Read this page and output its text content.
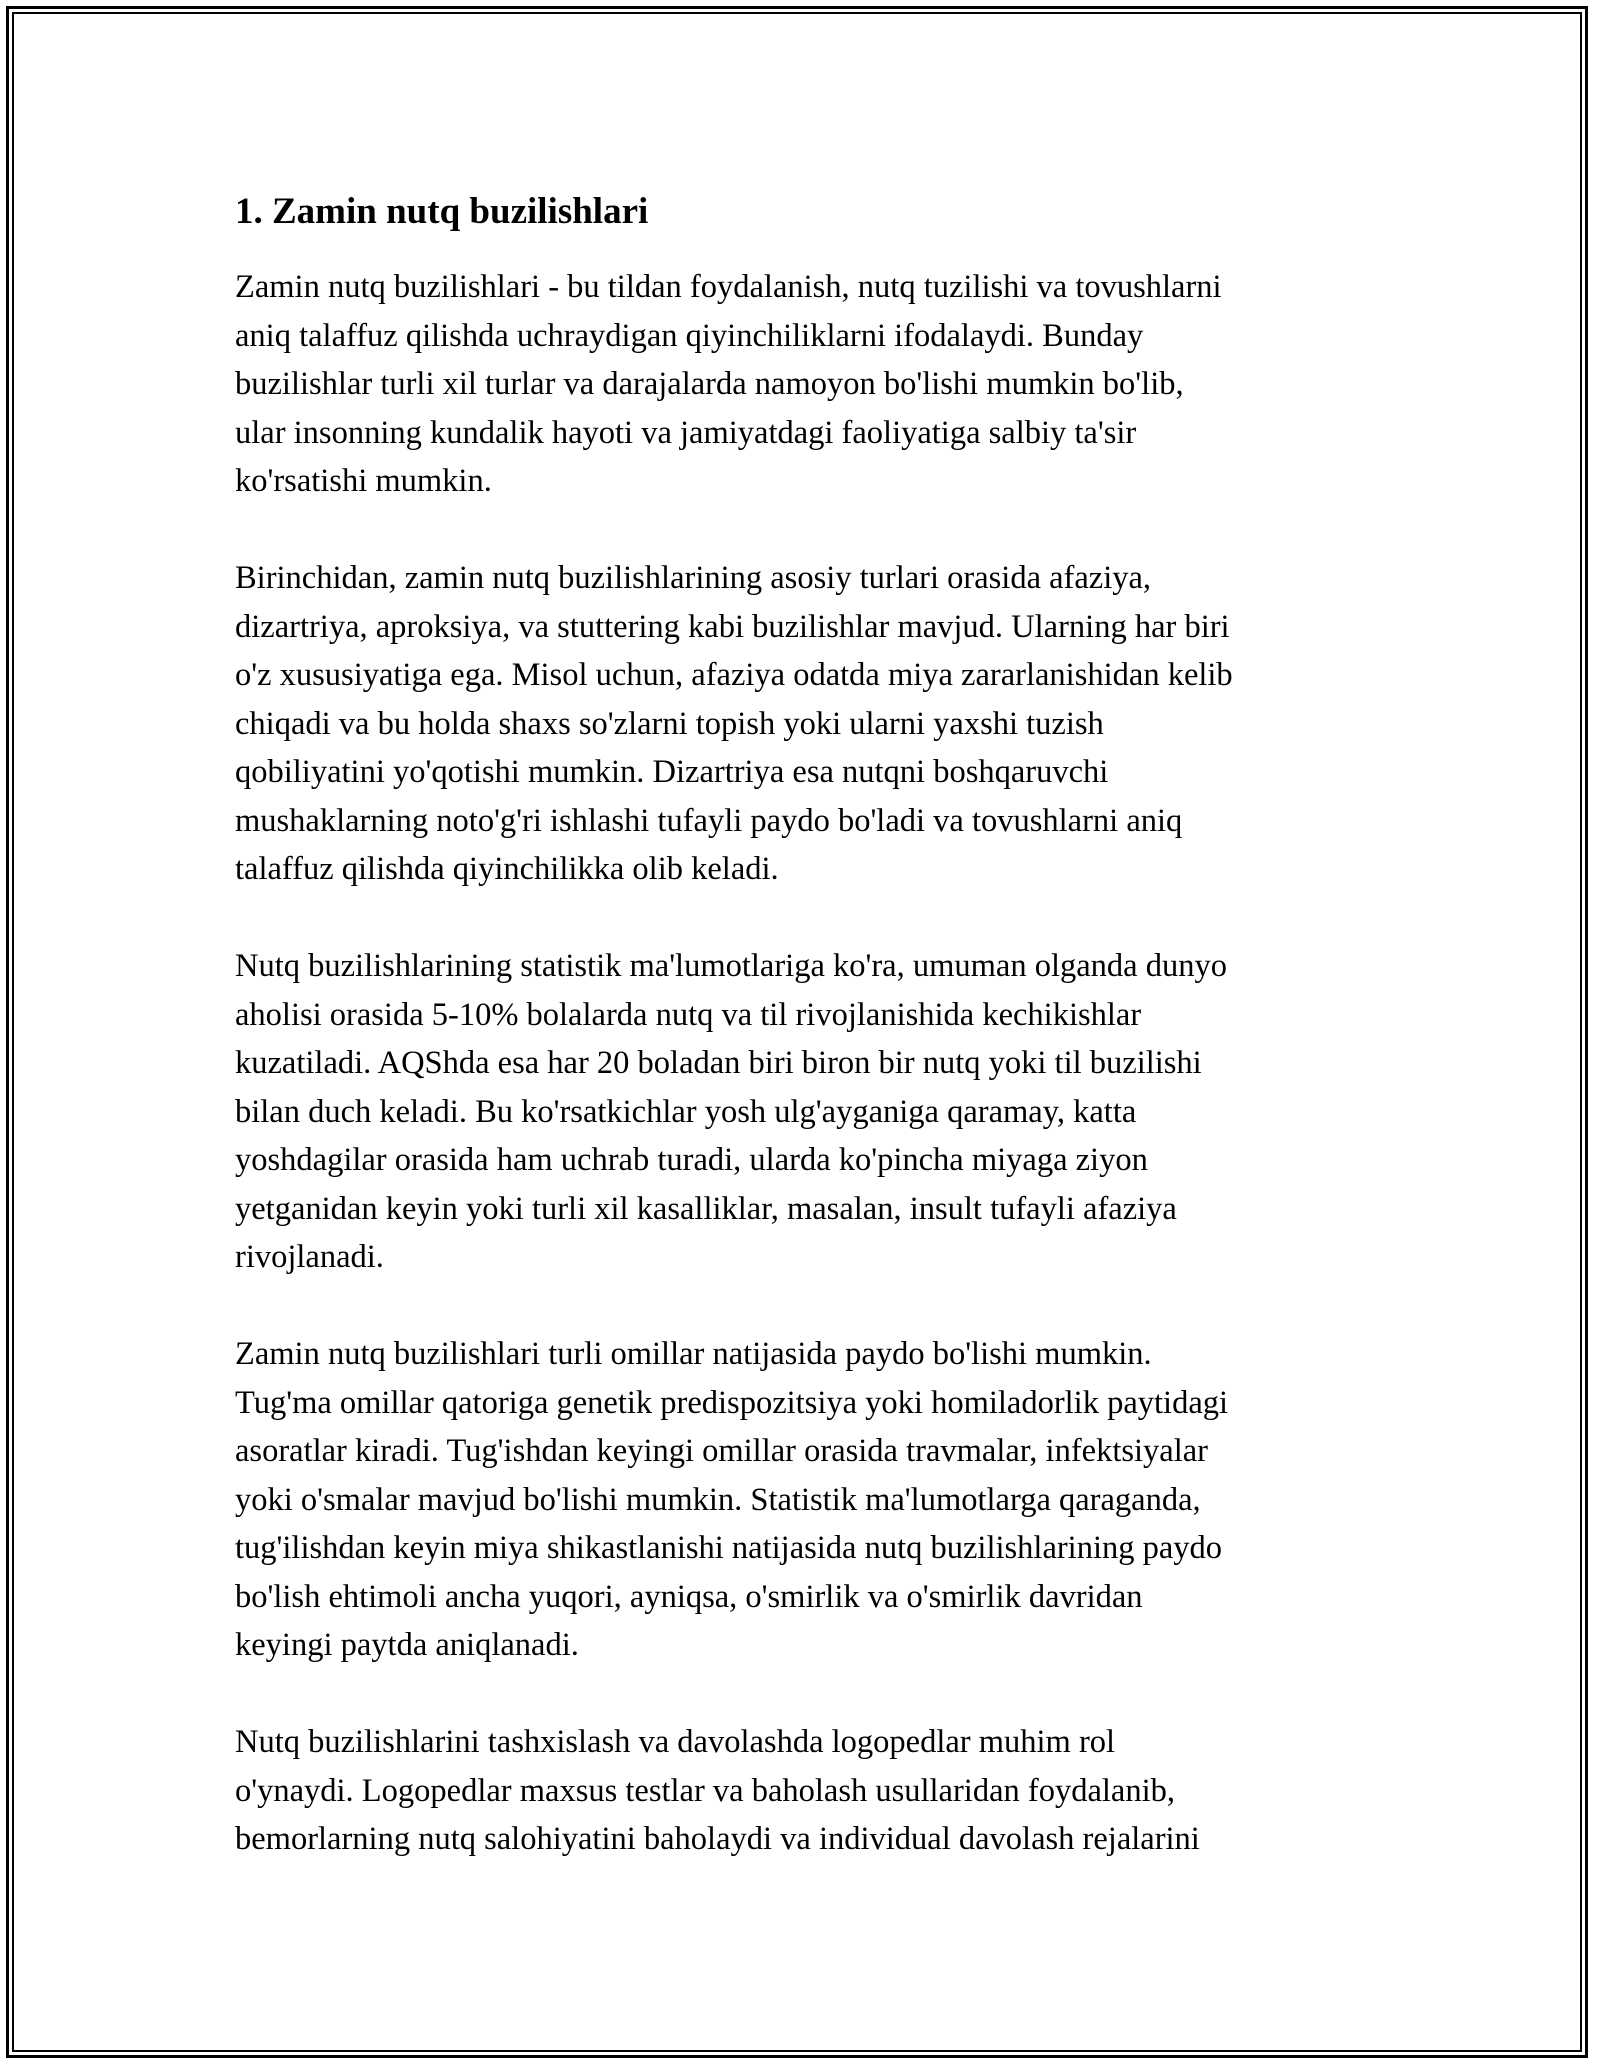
1. Zamin nutq buzilishlari

Zamin nutq buzilishlari - bu tildan foydalanish, nutq tuzilishi va tovushlarni
aniq talaffuz qilishda uchraydigan qiyinchiliklarni ifodalaydi. Bunday
buzilishlar turli xil turlar va darajalarda namoyon bo'lishi mumkin bo'lib,
ular insonning kundalik hayoti va jamiyatdagi faoliyatiga salbiy ta'sir
ko'rsatishi mumkin.

Birinchidan, zamin nutq buzilishlarining asosiy turlari orasida afaziya,
dizartriya, aproksiya, va stuttering kabi buzilishlar mavjud. Ularning har biri
o'z xususiyatiga ega. Misol uchun, afaziya odatda miya zararlanishidan kelib
chiqadi va bu holda shaxs so'zlarni topish yoki ularni yaxshi tuzish
qobiliyatini yo'qotishi mumkin. Dizartriya esa nutqni boshqaruvchi
mushaklarning noto'g'ri ishlashi tufayli paydo bo'ladi va tovushlarni aniq
talaffuz qilishda qiyinchilikka olib keladi.

Nutq buzilishlarining statistik ma'lumotlariga ko'ra, umuman olganda dunyo
aholisi orasida 5-10% bolalarda nutq va til rivojlanishida kechikishlar
kuzatiladi. AQShda esa har 20 boladan biri biron bir nutq yoki til buzilishi
bilan duch keladi. Bu ko'rsatkichlar yosh ulg'ayganiga qaramay, katta
yoshdagilar orasida ham uchrab turadi, ularda ko'pincha miyaga ziyon
yetganidan keyin yoki turli xil kasalliklar, masalan, insult tufayli afaziya
rivojlanadi.

Zamin nutq buzilishlari turli omillar natijasida paydo bo'lishi mumkin.
Tug'ma omillar qatoriga genetik predispozitsiya yoki homiladorlik paytidagi
asoratlar kiradi. Tug'ishdan keyingi omillar orasida travmalar, infektsiyalar
yoki o'smalar mavjud bo'lishi mumkin. Statistik ma'lumotlarga qaraganda,
tug'ilishdan keyin miya shikastlanishi natijasida nutq buzilishlarining paydo
bo'lish ehtimoli ancha yuqori, ayniqsa, o'smirlik va o'smirlik davridan
keyingi paytda aniqlanadi.

Nutq buzilishlarini tashxislash va davolashda logopedlar muhim rol
o'ynaydi. Logopedlar maxsus testlar va baholash usullaridan foydalanib,
bemorlarning nutq salohiyatini baholaydi va individual davolash rejalarini
